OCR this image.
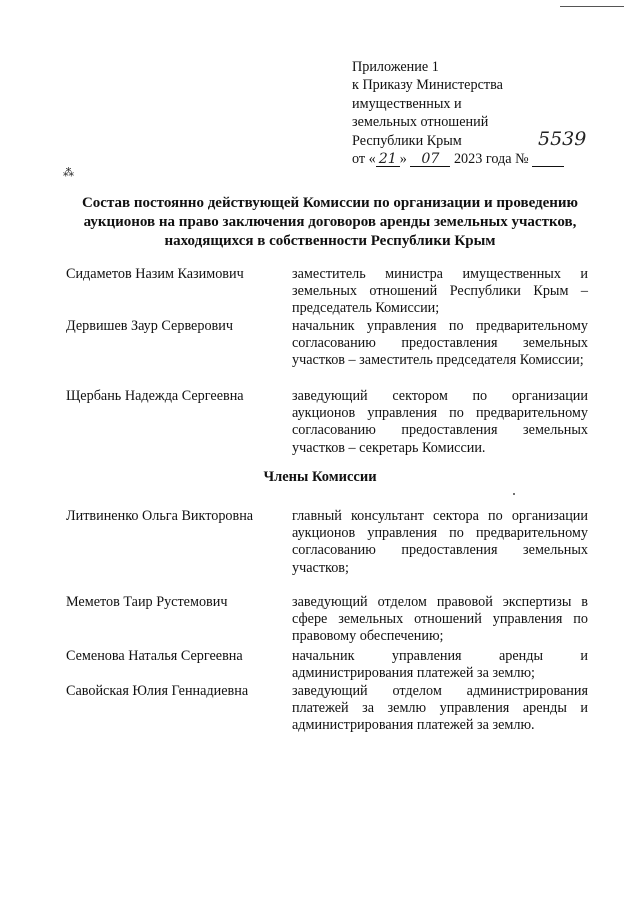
Приложение 1
к Приказу Министерства
имущественных и
земельных отношений
Республики Крым
от « 21 » 07 2023 года №
5539
⁂
Состав постоянно действующей Комиссии по организации и проведению
аукционов на право заключения договоров аренды земельных участков,
находящихся в собственности Республики Крым
Сидаметов Назим Казимович	заместитель министра имущественных и земельных отношений Республики Крым – председатель Комиссии;
Дервишев Заур Серверович	начальник управления по предварительному согласованию предоставления земельных участков – заместитель председателя Комиссии;
Щербань Надежда Сергеевна	заведующий сектором по организации аукционов управления по предварительному согласованию предоставления земельных участков – секретарь Комиссии.
Члены Комиссии
Литвиненко Ольга Викторовна	главный консультант сектора по организации аукционов управления по предварительному согласованию предоставления земельных участков;
Меметов Таир Рустемович	заведующий отделом правовой экспертизы в сфере земельных отношений управления по правовому обеспечению;
Семенова Наталья Сергеевна	начальник управления аренды и администрирования платежей за землю;
Савойская Юлия Геннадиевна	заведующий отделом администрирования платежей за землю управления аренды и администрирования платежей за землю.
